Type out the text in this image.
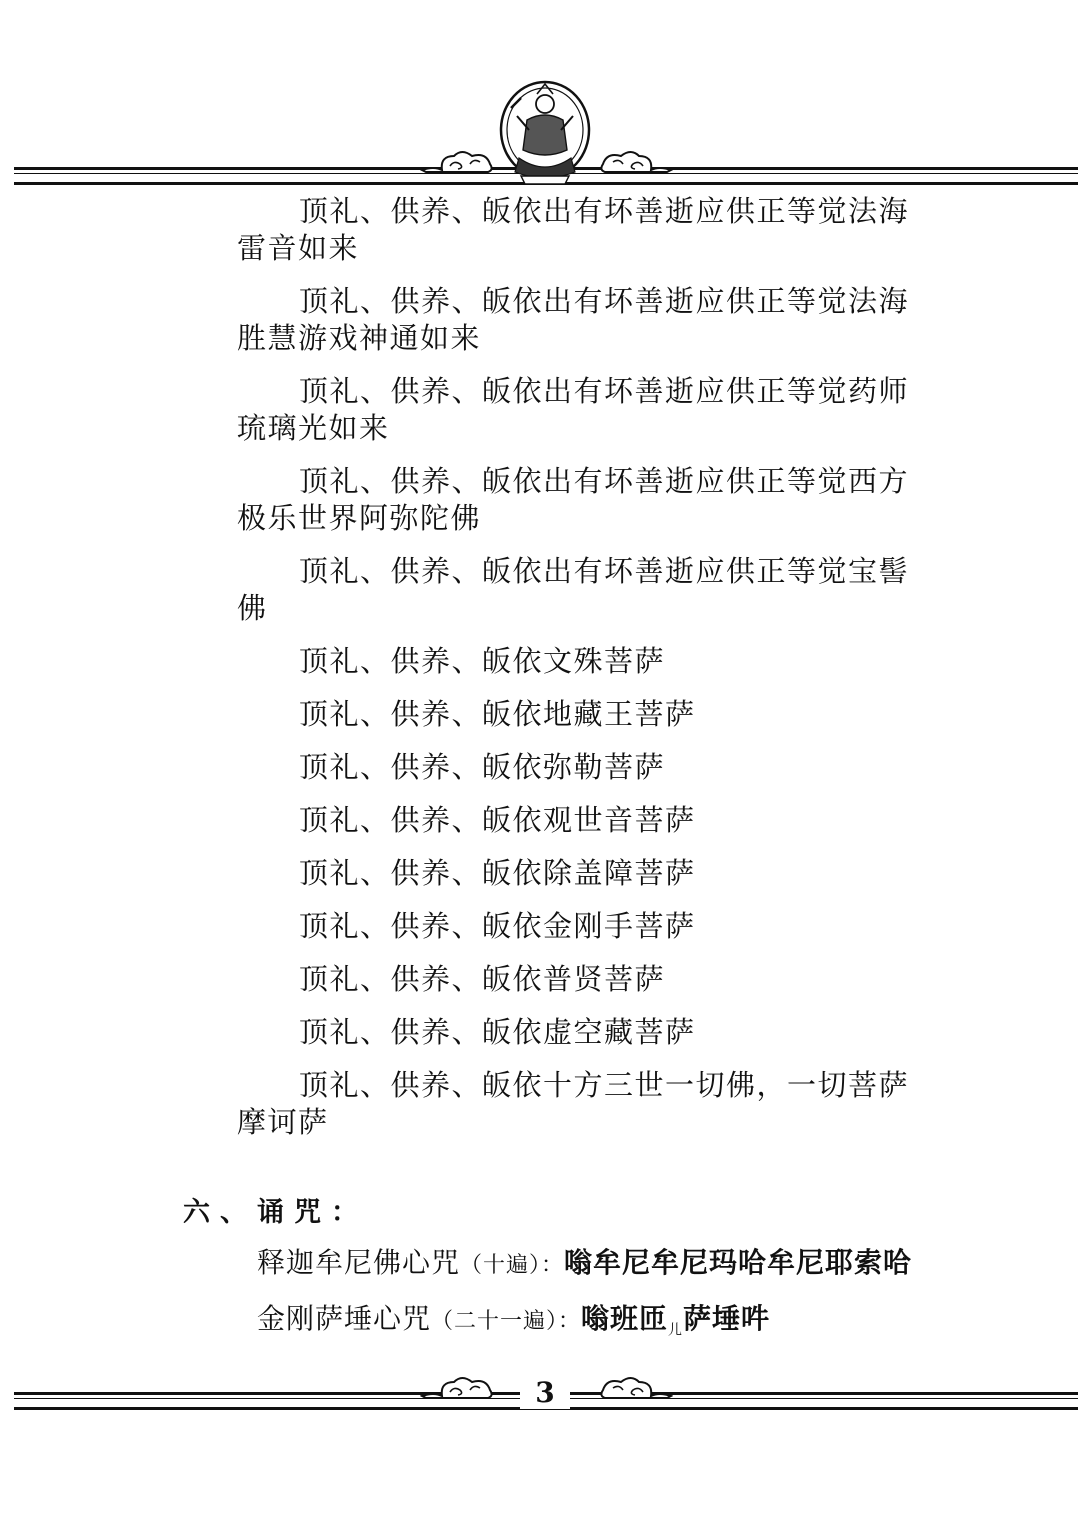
顶礼、供养、皈依出有坏善逝应供正等觉法海雷音如来

顶礼、供养、皈依出有坏善逝应供正等觉法海胜慧游戏神通如来

顶礼、供养、皈依出有坏善逝应供正等觉药师琉璃光如来

顶礼、供养、皈依出有坏善逝应供正等觉西方极乐世界阿弥陀佛

顶礼、供养、皈依出有坏善逝应供正等觉宝髻佛

顶礼、供养、皈依文殊菩萨

顶礼、供养、皈依地藏王菩萨

顶礼、供养、皈依弥勒菩萨

顶礼、供养、皈依观世音菩萨

顶礼、供养、皈依除盖障菩萨

顶礼、供养、皈依金刚手菩萨

顶礼、供养、皈依普贤菩萨

顶礼、供养、皈依虚空藏菩萨

顶礼、供养、皈依十方三世一切佛，一切菩萨摩诃萨

六、诵咒：

释迦牟尼佛心咒（十遍）：嗡牟尼牟尼玛哈牟尼耶索哈

金刚萨埵心咒（二十一遍）：嗡班匝$_儿$萨埵吽

3
